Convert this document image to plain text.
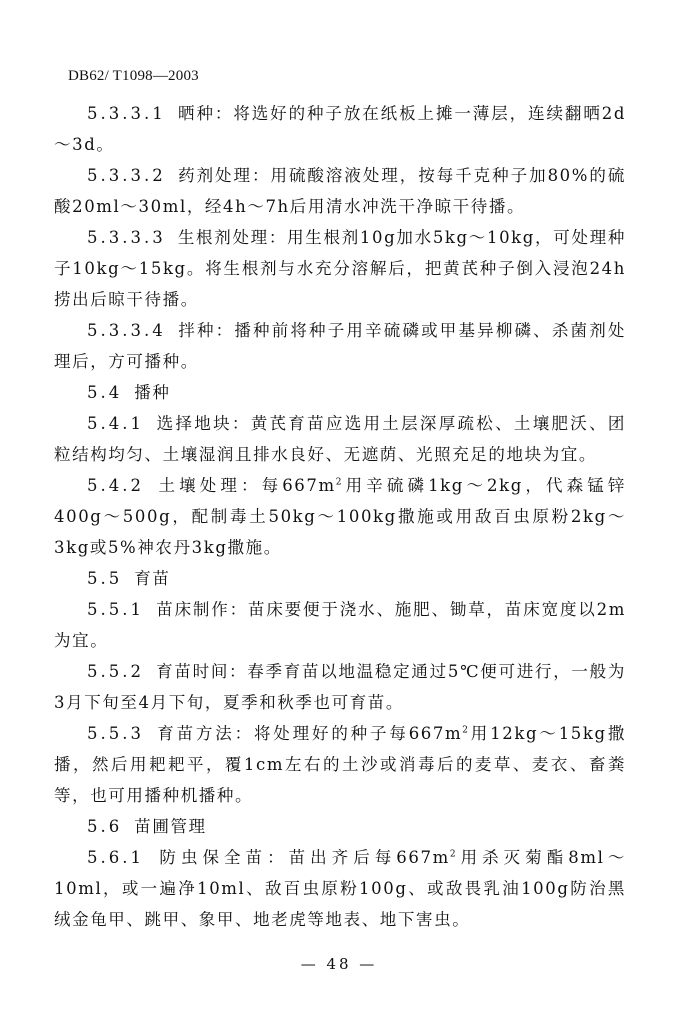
DB62/ T1098—2003

5.3.3.1 晒种：将选好的种子放在纸板上摊一薄层，连续翻晒2d～3d。

5.3.3.2 药剂处理：用硫酸溶液处理，按每千克种子加80%的硫酸20ml～30ml，经4h～7h后用清水冲洗干净晾干待播。

5.3.3.3 生根剂处理：用生根剂10g加水5kg～10kg，可处理种子10kg～15kg。将生根剂与水充分溶解后，把黄芪种子倒入浸泡24h捞出后晾干待播。

5.3.3.4 拌种：播种前将种子用辛硫磷或甲基异柳磷、杀菌剂处理后，方可播种。

5.4 播种

5.4.1 选择地块：黄芪育苗应选用土层深厚疏松、土壤肥沃、团粒结构均匀、土壤湿润且排水良好、无遮荫、光照充足的地块为宜。

5.4.2 土壤处理：每$667m^2$用辛硫磷1kg～2kg，代森锰锌400g～500g，配制毒土50kg～100kg撒施或用敌百虫原粉2kg～3kg或5%神农丹3kg撒施。

5.5 育苗

5.5.1 苗床制作：苗床要便于浇水、施肥、锄草，苗床宽度以2m为宜。

5.5.2 育苗时间：春季育苗以地温稳定通过5℃便可进行，一般为3月下旬至4月下旬，夏季和秋季也可育苗。

5.5.3 育苗方法：将处理好的种子每$667m^2$用12kg～15kg撒播，然后用耙耙平，覆1cm左右的土沙或消毒后的麦草、麦衣、畜粪等，也可用播种机播种。

5.6 苗圃管理

5.6.1 防虫保全苗：苗出齐后每$667m^2$用杀灭菊酯8ml～10ml，或一遍净10ml、敌百虫原粉100g、或敌畏乳油100g防治黑绒金龟甲、跳甲、象甲、地老虎等地表、地下害虫。

— 48 —
